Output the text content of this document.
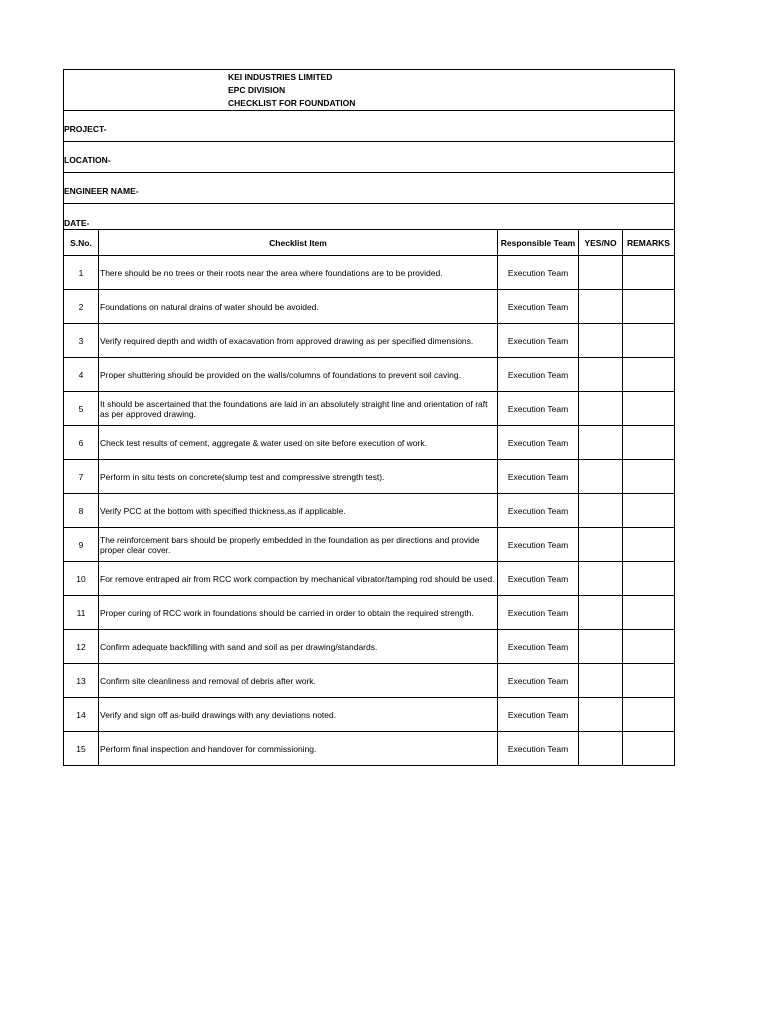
KEI INDUSTRIES LIMITED
EPC DIVISION
CHECKLIST FOR FOUNDATION				

PROJECT-				
LOCATION-				
ENGINEER NAME-				
DATE-				
S.No.	Checklist Item	Responsible Team	YES/NO	REMARKS
1	There should be no trees or their roots near the area where foundations are to be provided.	Execution Team		
2	Foundations on natural drains of water should be avoided.	Execution Team		
3	Verify required depth and width of exacavation from approved drawing as per specified dimensions.	Execution Team		
4	Proper shuttering should be provided on the walls/columns of foundations to prevent soil caving.	Execution Team		
5	It should be ascertained that the foundations are laid in an absolutely straight line and orientation of raft as per approved drawing.	Execution Team		
6	Check test results of cement, aggregate & water used on site before execution of work.	Execution Team		
7	Perform in situ tests on concrete(slump test and compressive strength test).	Execution Team		
8	Verify PCC at the bottom with specified thickness,as if applicable.	Execution Team		
9	The reinforcement bars should be properly embedded in the foundation as per directions and provide proper clear cover.	Execution Team		
10	For remove entraped air from RCC work compaction by mechanical vibrator/tamping rod should be used.	Execution Team		
11	Proper curing of RCC work in foundations should be carried in order to obtain the required strength.	Execution Team		
12	Confirm adequate backfilling with sand and soil as per drawing/standards.	Execution Team		
13	Confirm site cleanliness and removal of debris after work.	Execution Team		
14	Verify and sign off as-build drawings with any deviations noted.	Execution Team		
15	Perform final inspection and handover for commissioning.	Execution Team		
